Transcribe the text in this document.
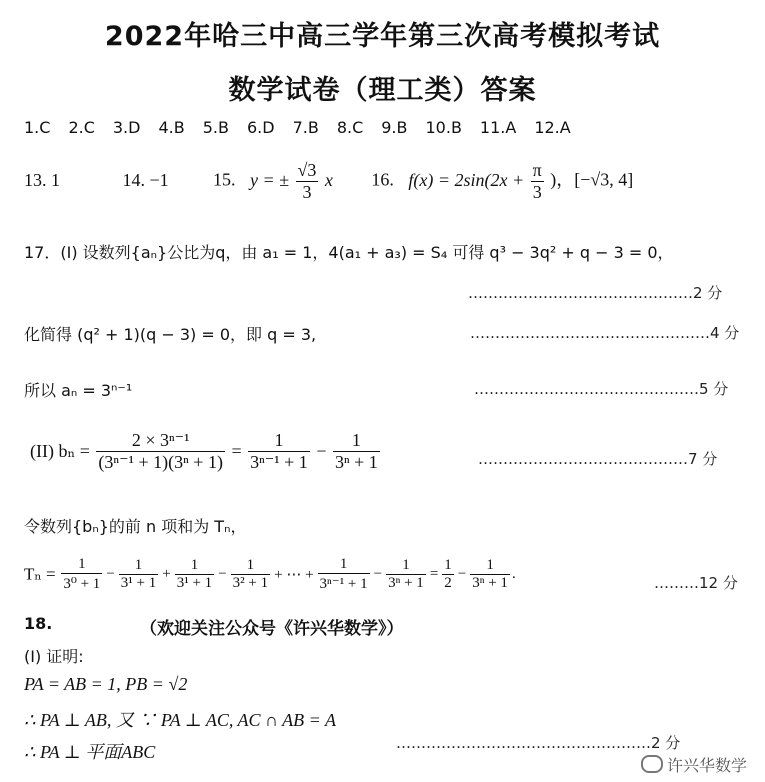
2022年哈三中高三学年第三次高考模拟考试
数学试卷（理工类）答案
1.C 2.C 3.D 4.B 5.B 6.D 7.B 8.C 9.B 10.B 11.A 12.A
13. 1	14. −1 15. y = ± $\frac{√3}{3}$ x 16. $f(x) = 2\sin(2x + \frac{\pi}{3}$ )，[−√3, 4]
17．(I) 设数列{aₙ}公比为q，由 a₁ = 1，4(a₁ + a₃) = S₄ 可得 q³ − 3q² + q − 3 = 0，
………………………………………2 分
化简得 (q² + 1)(q − 3) = 0，即 q = 3,	…………………………………………4 分
所以 aₙ = 3ⁿ⁻¹	………………………………………5 分
(II) $b_n = \frac{\text{2 × 3ⁿ⁻¹}}{\text{(3ⁿ⁻¹ + 1)(3ⁿ + 1)}} = \frac{1}{\text{3ⁿ⁻¹ + 1}} - \frac{1}{\text{3ⁿ + 1}}$	……………………………………7 分
令数列{bₙ}的前 n 项和为 Tₙ，
$T_n = \frac{1}{\text{3⁰ + 1}} - \frac{1}{\text{3¹ + 1}} + \frac{1}{\text{3¹ + 1}} - \frac{1}{\text{3² + 1}}$ + ⋯ + $\frac{1}{\text{3ⁿ⁻¹ + 1}} - \frac{1}{\text{3ⁿ + 1}} = \frac{1}{2} - \frac{1}{\text{3ⁿ + 1}}$ .	………12 分
18.	（欢迎关注公众号《许兴华数学》）
(Ⅰ) 证明:
PA = AB = 1, PB = √2
∴ PA ⊥ AB, 又 ∵ PA ⊥ AC, AC ∩ AB = A
∴ PA ⊥ 平面ABC	……………………………………………2 分
许兴华数学
